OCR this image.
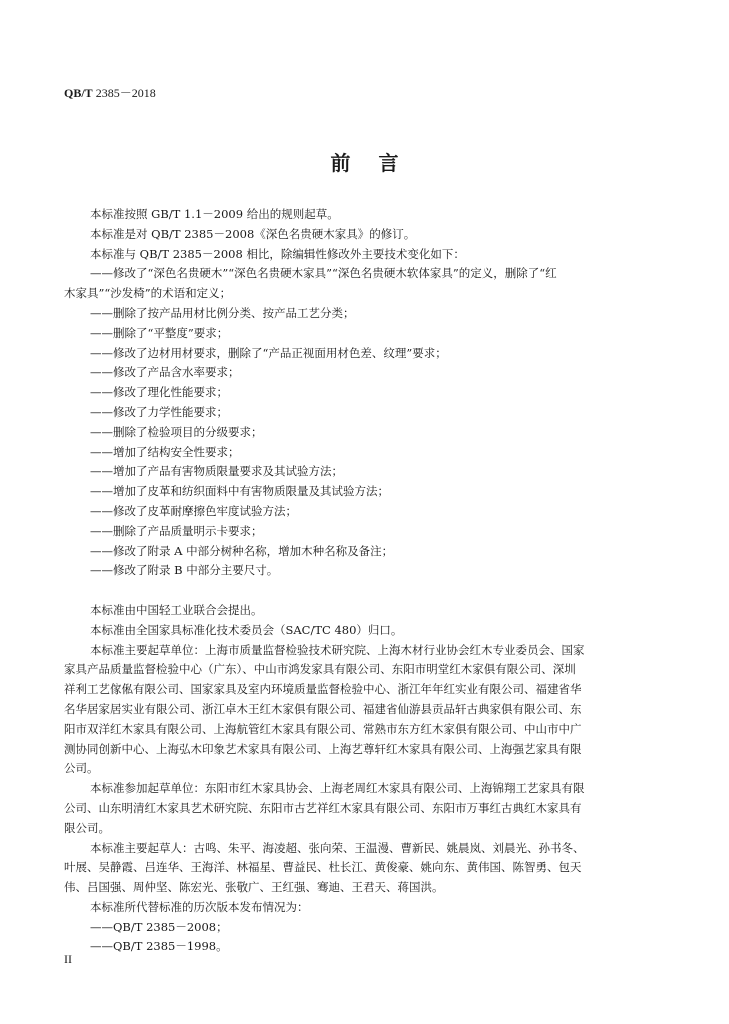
QB/T 2385－2018
前言
本标准按照 GB/T 1.1－2009 给出的规则起草。
本标准是对 QB/T 2385－2008《深色名贵硬木家具》的修订。
本标准与 QB/T 2385－2008 相比，除编辑性修改外主要技术变化如下：
——修改了“深色名贵硬木”“深色名贵硬木家具”“深色名贵硬木软体家具”的定义，删除了“红
木家具”“沙发椅”的术语和定义；
——删除了按产品用材比例分类、按产品工艺分类；
——删除了“平整度”要求；
——修改了边材用材要求，删除了“产品正视面用材色差、纹理”要求；
——修改了产品含水率要求；
——修改了理化性能要求；
——修改了力学性能要求；
——删除了检验项目的分级要求；
——增加了结构安全性要求；
——增加了产品有害物质限量要求及其试验方法；
——增加了皮革和纺织面料中有害物质限量及其试验方法；
——修改了皮革耐摩擦色牢度试验方法；
——删除了产品质量明示卡要求；
——修改了附录 A 中部分树种名称，增加木种名称及备注；
——修改了附录 B 中部分主要尺寸。
本标准由中国轻工业联合会提出。
本标准由全国家具标准化技术委员会（SAC/TC 480）归口。
本标准主要起草单位：上海市质量监督检验技术研究院、上海木材行业协会红木专业委员会、国家
家具产品质量监督检验中心（广东）、中山市鸿发家具有限公司、东阳市明堂红木家俱有限公司、深圳
祥利工艺傢俬有限公司、国家家具及室内环境质量监督检验中心、浙江年年红实业有限公司、福建省华
名华居家居实业有限公司、浙江卓木王红木家俱有限公司、福建省仙游县贡品轩古典家俱有限公司、东
阳市双洋红木家具有限公司、上海航管红木家具有限公司、常熟市东方红木家俱有限公司、中山市中广
测协同创新中心、上海弘木印象艺术家具有限公司、上海艺尊轩红木家具有限公司、上海强艺家具有限
公司。
本标准参加起草单位：东阳市红木家具协会、上海老周红木家具有限公司、上海锦翔工艺家具有限
公司、山东明清红木家具艺术研究院、东阳市古艺祥红木家具有限公司、东阳市万事红古典红木家具有
限公司。
本标准主要起草人：古鸣、朱平、海凌超、张向荣、王温漫、曹新民、姚晨岚、刘晨光、孙书冬、
叶展、吴静霞、吕连华、王海洋、林福星、曹益民、杜长江、黄俊豪、姚向东、黄伟国、陈智勇、包天
伟、吕国强、周仲坚、陈宏光、张敬广、王红强、骞迪、王君天、蒋国洪。
本标准所代替标准的历次版本发布情况为：
——QB/T 2385－2008；
——QB/T 2385－1998。
II
